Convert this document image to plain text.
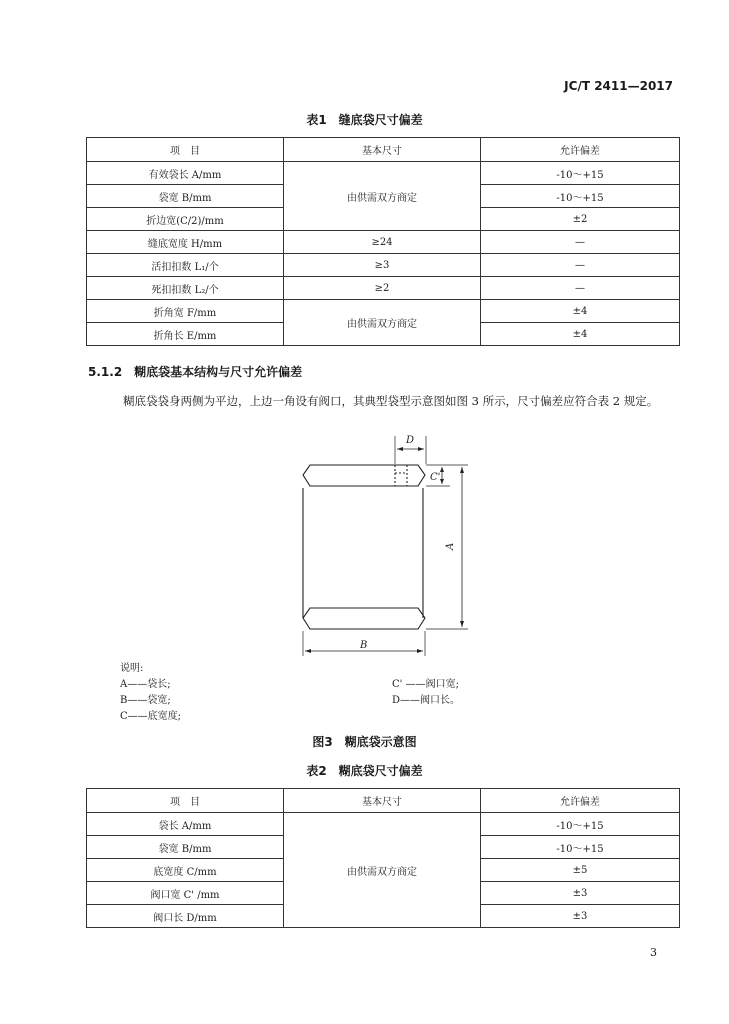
JC/T 2411—2017
表1　缝底袋尺寸偏差
项　目	基本尺寸	允许偏差
有效袋长 A/mm	由供需双方商定	-10～+15
袋宽 B/mm		-10～+15
折边宽(C/2)/mm		±2
缝底宽度 H/mm	≥24	—
活扣扣数 L₁/个	≥3	—
死扣扣数 L₂/个	≥2	—
折角宽 F/mm	由供需双方商定	±4
折角长 E/mm		±4
5.1.2　糊底袋基本结构与尺寸允许偏差
糊底袋袋身两侧为平边，上边一角设有阀口，其典型袋型示意图如图 3 所示，尺寸偏差应符合表 2 规定。
D
C'
A
B
说明:
A——袋长;
B——袋宽;
C——底宽度;
C' ——阀口宽;
D——阀口长。
图3　糊底袋示意图
表2　糊底袋尺寸偏差
项　目	基本尺寸	允许偏差
袋长 A/mm	由供需双方商定	-10～+15
袋宽 B/mm		-10～+15
底宽度 C/mm		±5
阀口宽 C' /mm		±3
阀口长 D/mm		±3
3
